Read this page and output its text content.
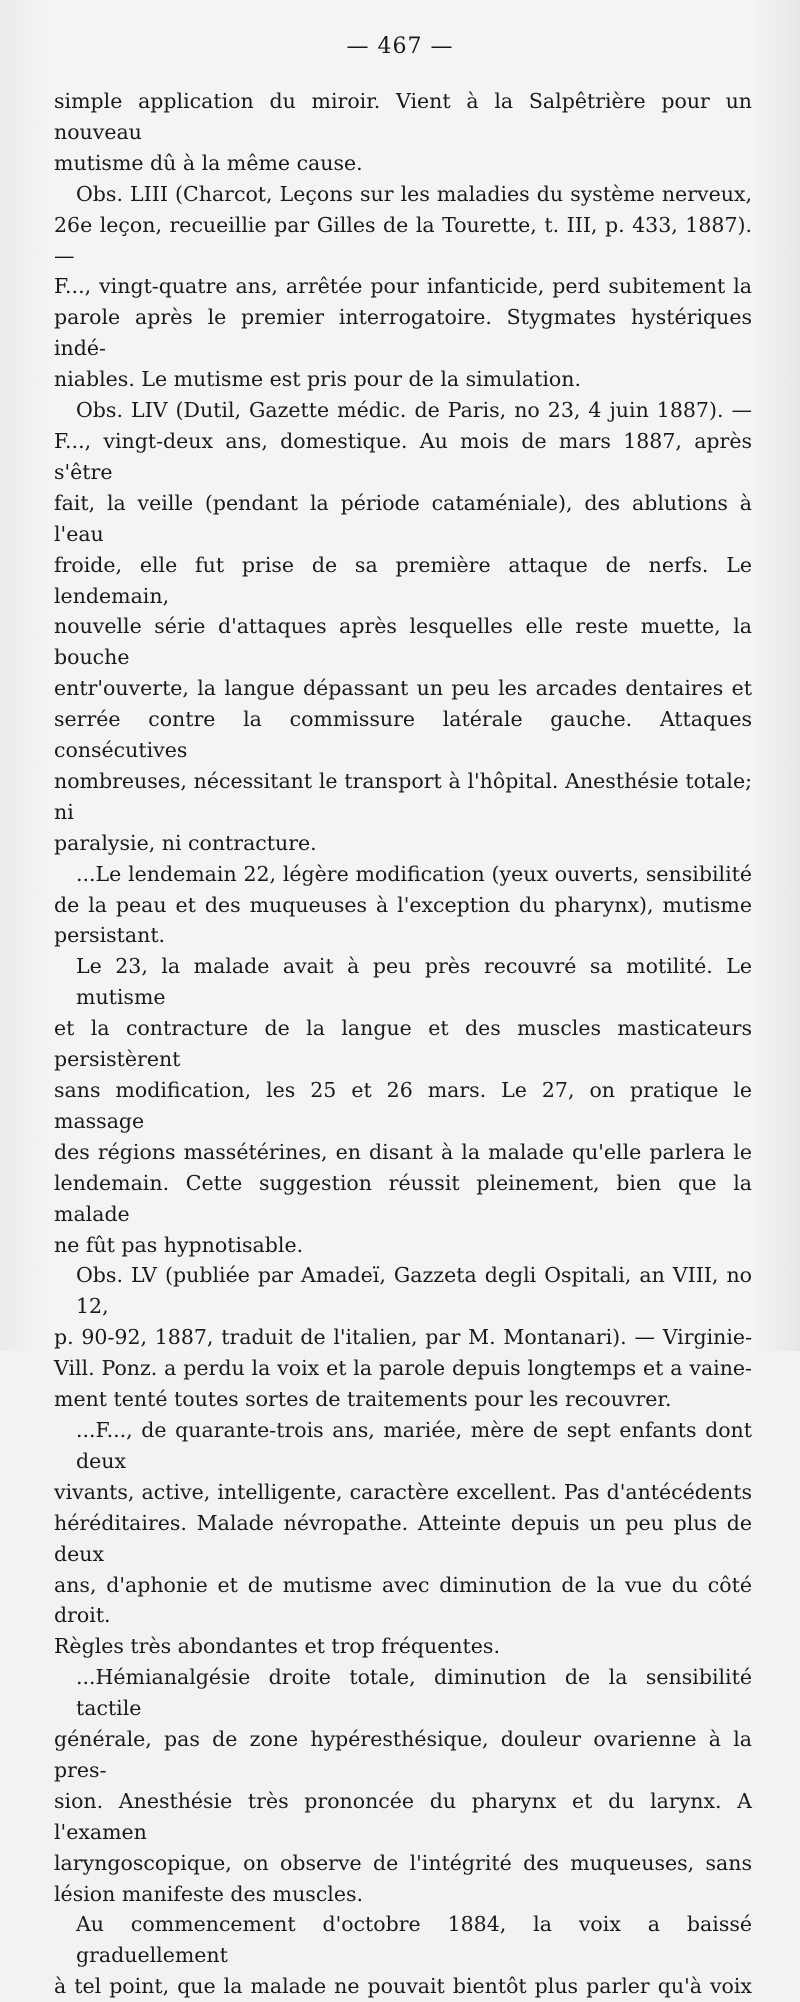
— 467 —
simple application du miroir. Vient à la Salpêtrière pour un nouveau
mutisme dû à la même cause.
Obs. LIII (Charcot, Leçons sur les maladies du système nerveux,
26e leçon, recueillie par Gilles de la Tourette, t. III, p. 433, 1887). —
F..., vingt-quatre ans, arrêtée pour infanticide, perd subitement la
parole après le premier interrogatoire. Stygmates hystériques indé-
niables. Le mutisme est pris pour de la simulation.
Obs. LIV (Dutil, Gazette médic. de Paris, no 23, 4 juin 1887). —
F..., vingt-deux ans, domestique. Au mois de mars 1887, après s'être
fait, la veille (pendant la période cataméniale), des ablutions à l'eau
froide, elle fut prise de sa première attaque de nerfs. Le lendemain,
nouvelle série d'attaques après lesquelles elle reste muette, la bouche
entr'ouverte, la langue dépassant un peu les arcades dentaires et
serrée contre la commissure latérale gauche. Attaques consécutives
nombreuses, nécessitant le transport à l'hôpital. Anesthésie totale; ni
paralysie, ni contracture.
...Le lendemain 22, légère modification (yeux ouverts, sensibilité
de la peau et des muqueuses à l'exception du pharynx), mutisme
persistant.
Le 23, la malade avait à peu près recouvré sa motilité. Le mutisme
et la contracture de la langue et des muscles masticateurs persistèrent
sans modification, les 25 et 26 mars. Le 27, on pratique le massage
des régions massétérines, en disant à la malade qu'elle parlera le
lendemain. Cette suggestion réussit pleinement, bien que la malade
ne fût pas hypnotisable.
Obs. LV (publiée par Amadeï, Gazzeta degli Ospitali, an VIII, no 12,
p. 90-92, 1887, traduit de l'italien, par M. Montanari). — Virginie-
Vill. Ponz. a perdu la voix et la parole depuis longtemps et a vaine-
ment tenté toutes sortes de traitements pour les recouvrer.
...F..., de quarante-trois ans, mariée, mère de sept enfants dont deux
vivants, active, intelligente, caractère excellent. Pas d'antécédents
héréditaires. Malade névropathe. Atteinte depuis un peu plus de deux
ans, d'aphonie et de mutisme avec diminution de la vue du côté droit.
Règles très abondantes et trop fréquentes.
...Hémianalgésie droite totale, diminution de la sensibilité tactile
générale, pas de zone hypéresthésique, douleur ovarienne à la pres-
sion. Anesthésie très prononcée du pharynx et du larynx. A l'examen
laryngoscopique, on observe de l'intégrité des muqueuses, sans
lésion manifeste des muscles.
Au commencement d'octobre 1884, la voix a baissé graduellement
à tel point, que la malade ne pouvait bientôt plus parler qu'à voix
